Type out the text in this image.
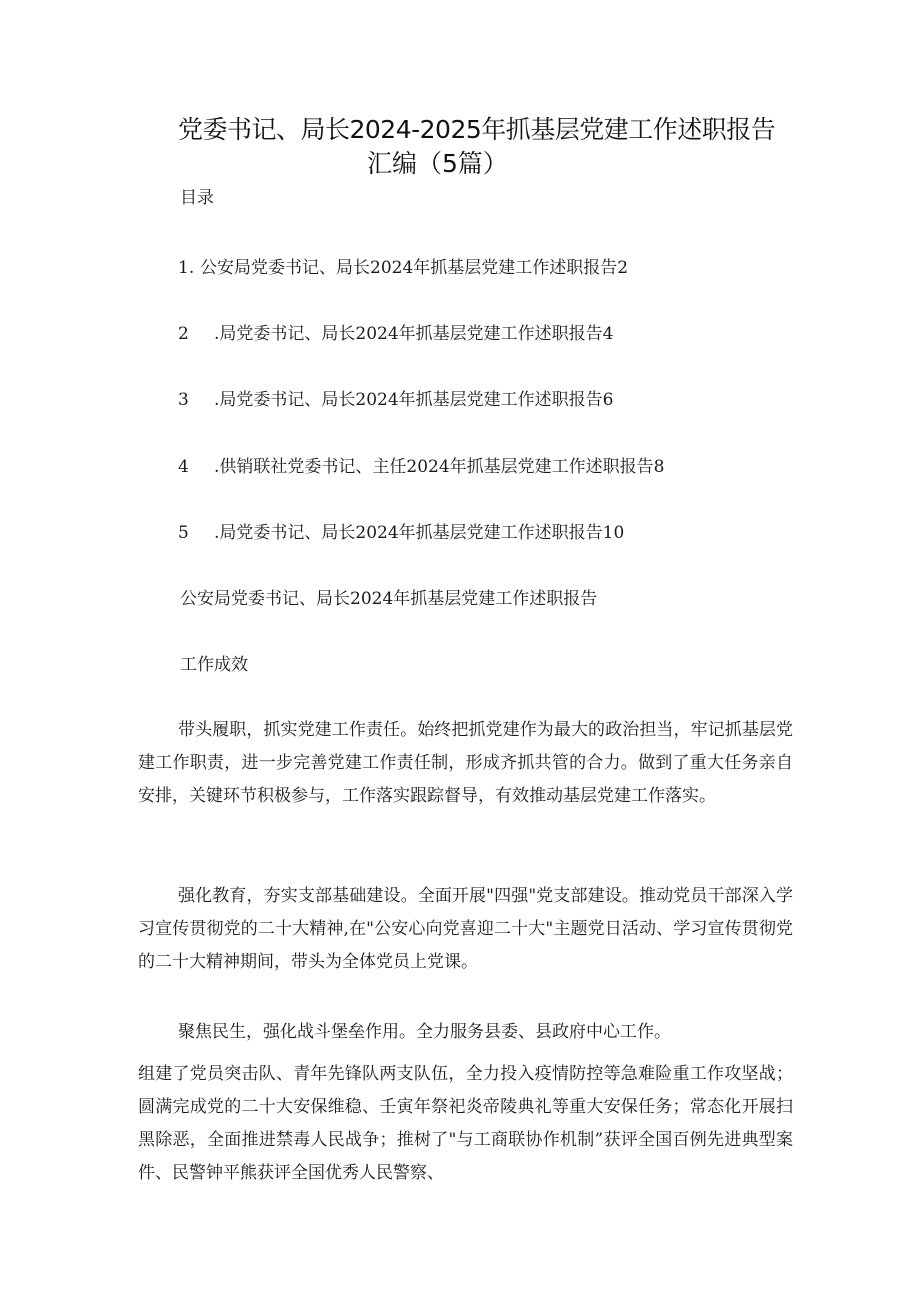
党委书记、局长2024-2025年抓基层党建工作述职报告
汇编（5篇）
目录
1. 公安局党委书记、局长2024年抓基层党建工作述职报告2
2 .局党委书记、局长2024年抓基层党建工作述职报告4
3 .局党委书记、局长2024年抓基层党建工作述职报告6
4 .供销联社党委书记、主任2024年抓基层党建工作述职报告8
5 .局党委书记、局长2024年抓基层党建工作述职报告10
公安局党委书记、局长2024年抓基层党建工作述职报告
工作成效
带头履职，抓实党建工作责任。始终把抓党建作为最大的政治担当，牢记抓基层党建工作职责，进一步完善党建工作责任制，形成齐抓共管的合力。做到了重大任务亲自安排，关键环节积极参与，工作落实跟踪督导，有效推动基层党建工作落实。
强化教育，夯实支部基础建设。全面开展"四强"党支部建设。推动党员干部深入学习宣传贯彻党的二十大精神,在"公安心向党喜迎二十大"主题党日活动、学习宣传贯彻党的二十大精神期间，带头为全体党员上党课。
聚焦民生，强化战斗堡垒作用。全力服务县委、县政府中心工作。
组建了党员突击队、青年先锋队两支队伍，全力投入疫情防控等急难险重工作攻坚战；圆满完成党的二十大安保维稳、壬寅年祭祀炎帝陵典礼等重大安保任务；常态化开展扫黑除恶，全面推进禁毒人民战争；推树了"与工商联协作机制”获评全国百例先进典型案件、民警钟平熊获评全国优秀人民警察、
